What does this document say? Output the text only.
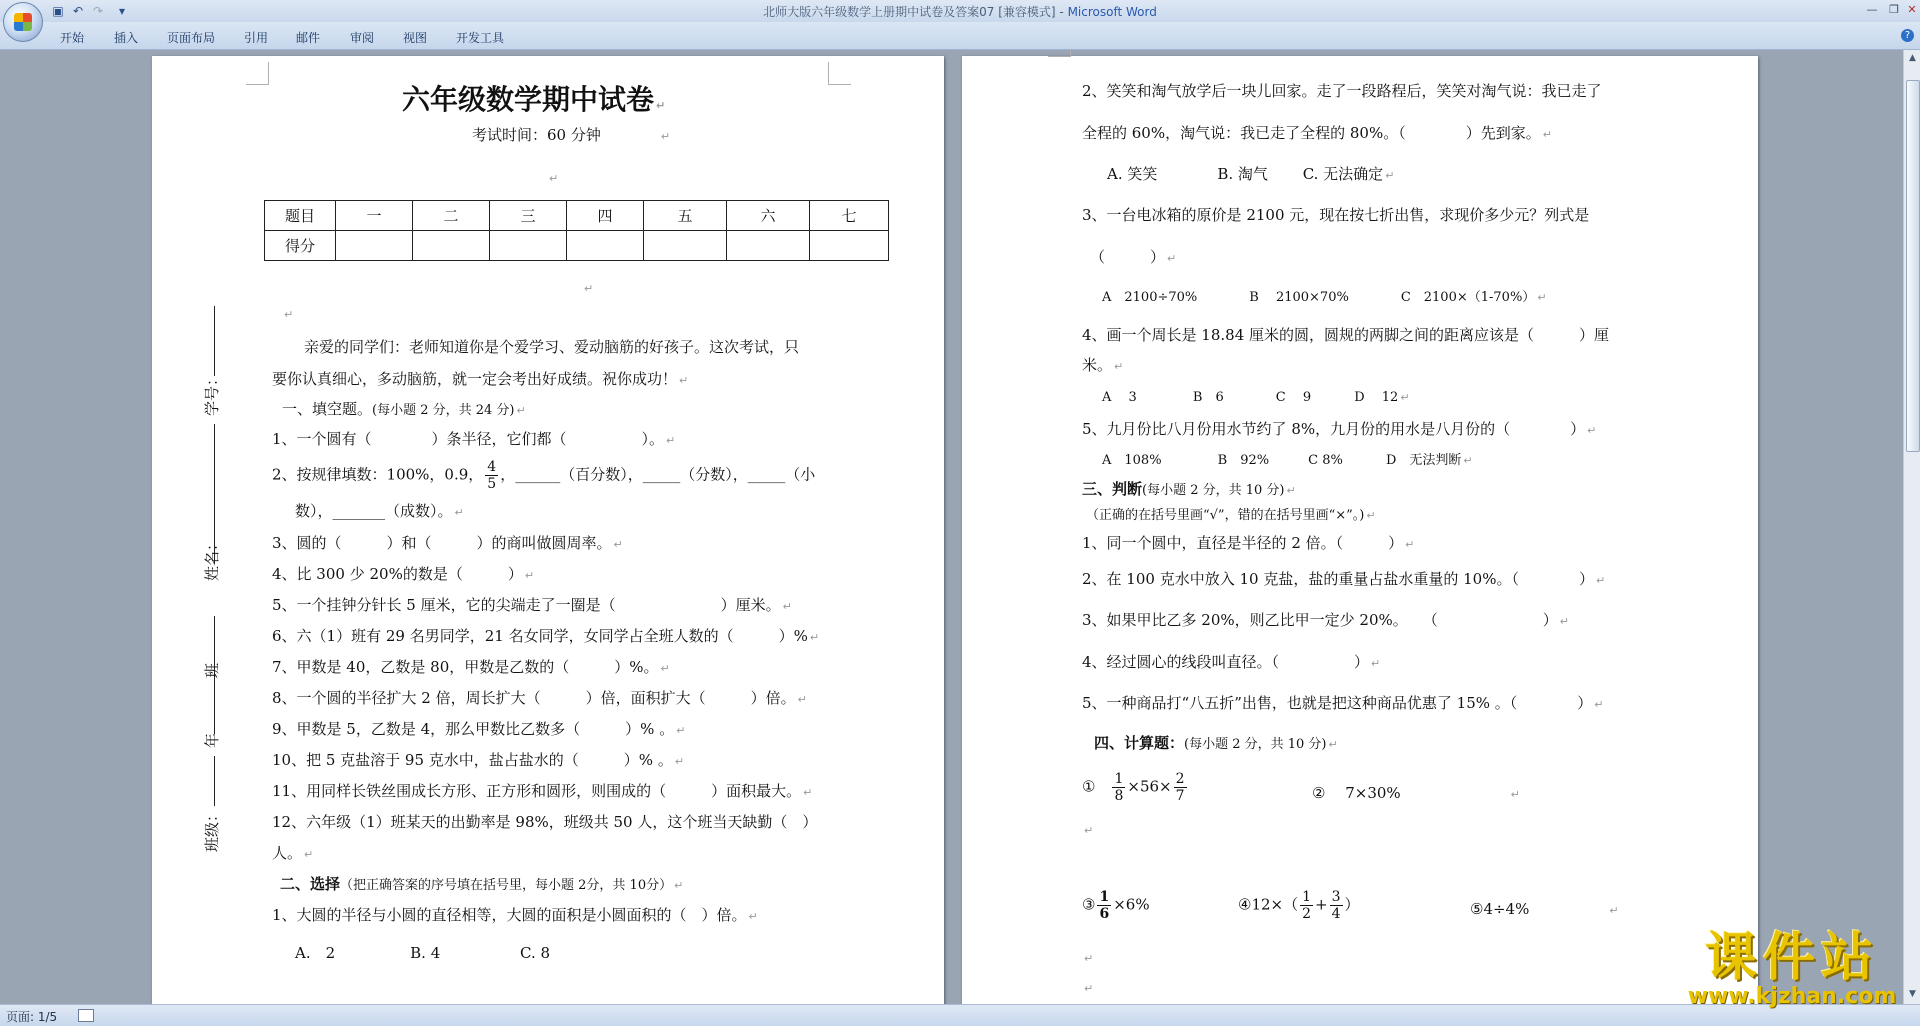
▣ ↶ ↷	▾	北师大版六年级数学上册期中试卷及答案07 [兼容模式] - Microsoft Word	—	❐ ✕
开始 插入 页面布局 引用 邮件 审阅 视图 开发工具	?
六年级数学期中试卷 ↵
考试时间：60 分钟	↵
↵
题目	一	二	三	四	五	六	七
得分							
↵
学号：
姓名：
班
年
班级：
↵
亲爱的同学们：老师知道你是个爱学习、爱动脑筋的好孩子。这次考试，只
要你认真细心，多动脑筋，就一定会考出好成绩。祝你成功！ ↵
一、填空题。(每小题 2 分，共 24 分) ↵
1、一个圆有（　　　　）条半径，它们都（　　　　　）。 ↵
2、按规律填数：100%，0.9， $\frac{4}{5}$ ，______（百分数），_____（分数），_____（小
数），_______（成数）。 ↵
3、圆的（　　　）和（　　　）的商叫做圆周率。 ↵
4、比 300 少 20%的数是（　　　） ↵
5、一个挂钟分针长 5 厘米，它的尖端走了一圈是（　　　　　　　）厘米。 ↵
6、六（1）班有 29 名男同学，21 名女同学，女同学占全班人数的（　　　）% ↵
7、甲数是 40，乙数是 80，甲数是乙数的（　　　）%。 ↵
8、一个圆的半径扩大 2 倍，周长扩大（　　　）倍，面积扩大（　　　）倍。 ↵
9、甲数是 5，乙数是 4，那么甲数比乙数多（　　　）% 。 ↵
10、把 5 克盐溶于 95 克水中，盐占盐水的（　　　）% 。 ↵
11、用同样长铁丝围成长方形、正方形和圆形，则围成的（　　　）面积最大。 ↵
12、六年级（1）班某天的出勤率是 98%，班级共 50 人，这个班当天缺勤（　）
人。 ↵
二、选择（把正确答案的序号填在括号里，每小题 2分，共 10分） ↵
1、大圆的半径与小圆的直径相等，大圆的面积是小圆面积的（　）倍。 ↵
A.　2　　　　　B. 4　　　　　 C. 8
2、笑笑和淘气放学后一块儿回家。走了一段路程后，笑笑对淘气说：我已走了
全程的 60%，淘气说：我已走了全程的 80%。（　　　　）先到家。 ↵
A. 笑笑　　　　B. 淘气　　 C. 无法确定 ↵
3、一台电冰箱的原价是 2100 元，现在按七折出售，求现价多少元？列式是
（　　　） ↵
A　2100÷70%　　　　B　 2100×70%　　　　C　2100×（1-70%） ↵
4、画一个周长是 18.84 厘米的圆，圆规的两脚之间的距离应该是（　　　）厘
米。 ↵
A　 3　　　　 B　6　　　　C　 9　　　 D　 12 ↵
5、九月份比八月份用水节约了 8%，九月份的用水是八月份的（　　　　） ↵
A　108%　　　　 B　92%　　　C 8%　　　 D　无法判断 ↵
三、判断(每小题 2 分，共 10 分) ↵
（正确的在括号里画“√”，错的在括号里画“×”。) ↵
1、同一个圆中，直径是半径的 2 倍。（　　　） ↵
2、在 100 克水中放入 10 克盐，盐的重量占盐水重量的 10%。（　　　　） ↵
3、如果甲比乙多 20%，则乙比甲一定少 20%。　　（　　　　　　　） ↵
4、经过圆心的线段叫直径。（　　　　　） ↵
5、一种商品打“八五折”出售，也就是把这种商品优惠了 15% 。（　　　　） ↵
四、计算题：(每小题 2 分，共 10 分) ↵
①　 $\frac{1}{8} \times 56\times \frac{2}{7}$	②　 7×30%	↵
↵
③ $\frac{1}{6} \times 6\%$	④12×（ $\frac{1}{2} + \frac{3}{4}$ ）	⑤4÷4%	↵
↵
↵
▲
▼
页面: 1/5
课件站
www.kjzhan.com
